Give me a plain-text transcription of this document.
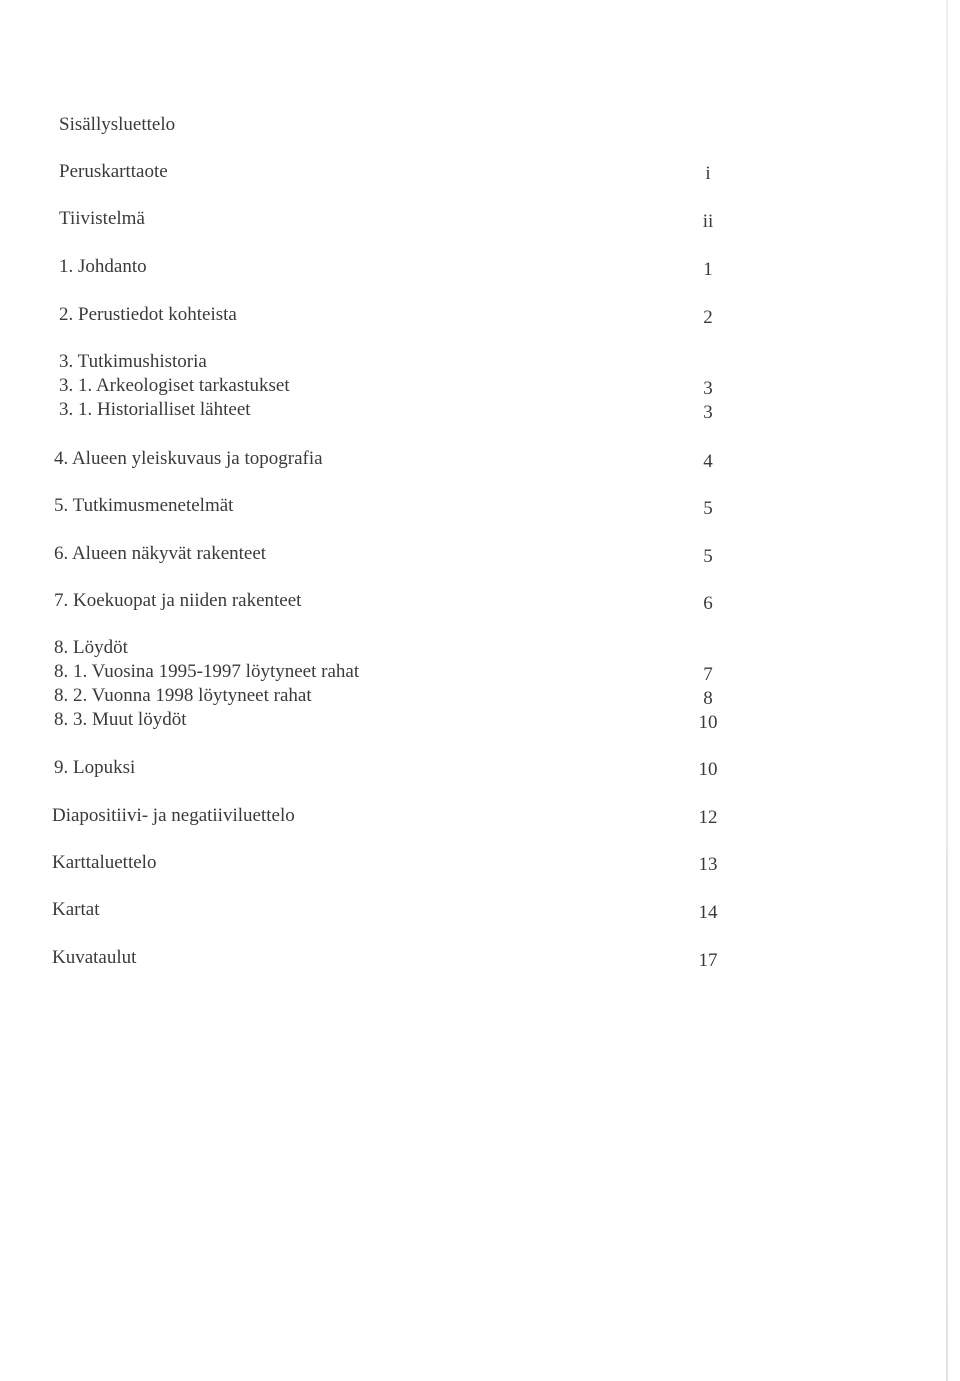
Sisällysluettelo
Peruskarttaote	i
Tiivistelmä	ii
1. Johdanto	1
2. Perustiedot kohteista	2
3. Tutkimushistoria
3. 1. Arkeologiset tarkastukset	3
3. 1. Historialliset lähteet	3
4. Alueen yleiskuvaus ja topografia	4
5. Tutkimusmenetelmät	5
6. Alueen näkyvät rakenteet	5
7. Koekuopat ja niiden rakenteet	6
8. Löydöt
8. 1. Vuosina 1995-1997 löytyneet rahat	7
8. 2. Vuonna 1998 löytyneet rahat	8
8. 3. Muut löydöt	10
9. Lopuksi	10
Diapositiivi- ja negatiiviluettelo	12
Karttaluettelo	13
Kartat	14
Kuvataulut	17
